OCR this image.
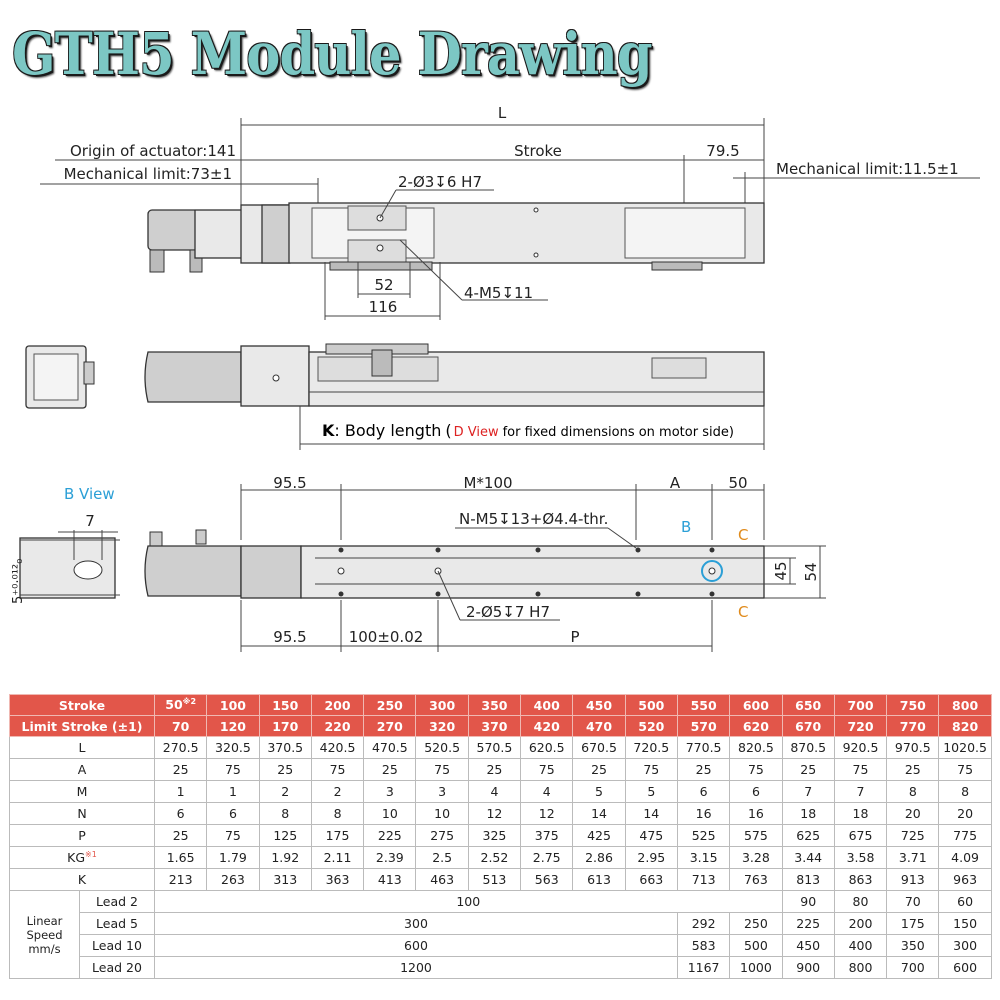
GTH5 Module Drawing
L
Stroke	79.5
Origin of actuator:141
Mechanical limit:73±1	Mechanical limit:11.5±1
2-Ø3↧6 H7
4-M5↧11
52
116
K: Body length ( D View for fixed dimensions on motor side)
B View
7
5⁺⁰·⁰¹²₀
95.5	M*100	A	50
N-M5↧13+Ø4.4-thr.	B	C
C
45 54
2-Ø5↧7 H7
95.5	100±0.02	P
Stroke		50$^{※2}$	100	150	200	250	300	350	400	450	500	550	600	650	700	750	800
Limit Stroke (±1)		70	120	170	220	270	320	370	420	470	520	570	620	670	720	770	820
L		270.5	320.5	370.5	420.5	470.5	520.5	570.5	620.5	670.5	720.5	770.5	820.5	870.5	920.5	970.5	1020.5
A		25	75	25	75	25	75	25	75	25	75	25	75	25	75	25	75
M		1	1	2	2	3	3	4	4	5	5	6	6	7	7	8	8
N		6	6	8	8	10	10	12	12	14	14	16	16	18	18	20	20
P		25	75	125	175	225	275	325	375	425	475	525	575	625	675	725	775
KG$^{※1}$		1.65	1.79	1.92	2.11	2.39	2.5	2.52	2.75	2.86	2.95	3.15	3.28	3.44	3.58	3.71	4.09
K		213	263	313	363	413	463	513	563	613	663	713	763	813	863	913	963
Linear Speed mm/s	Lead 2	100												90	80	70	60
	Lead 5	300										292	250	225	200	175	150
	Lead 10	600										583	500	450	400	350	300
	Lead 20	1200										1167	1000	900	800	700	600
